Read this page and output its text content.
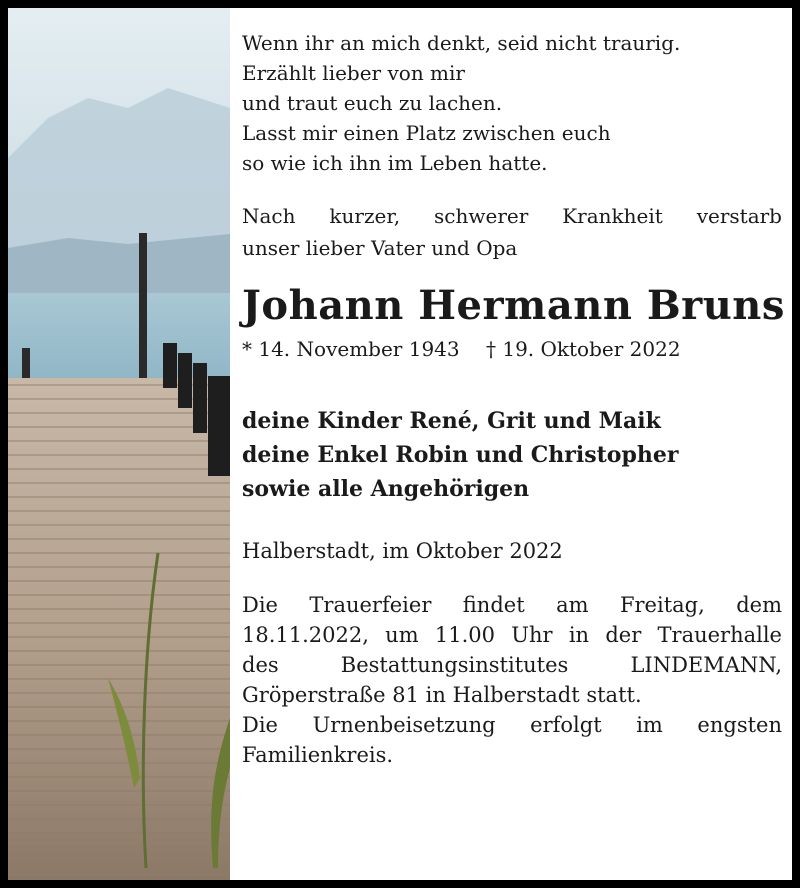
Wenn ihr an mich denkt, seid nicht traurig.
Erzählt lieber von mir
und traut euch zu lachen.
Lasst mir einen Platz zwischen euch
so wie ich ihn im Leben hatte.
Nach kurzer, schwerer Krankheit verstarb
unser lieber Vater und Opa
Johann Hermann Bruns
* 14. November 1943 † 19. Oktober 2022
deine Kinder René, Grit und Maik
deine Enkel Robin und Christopher
sowie alle Angehörigen
Halberstadt, im Oktober 2022
Die Trauerfeier findet am Freitag, dem
18.11.2022, um 11.00 Uhr in der Trauerhalle
des Bestattungsinstitutes LINDEMANN,
Gröperstraße 81 in Halberstadt statt.
Die Urnenbeisetzung erfolgt im engsten
Familienkreis.
